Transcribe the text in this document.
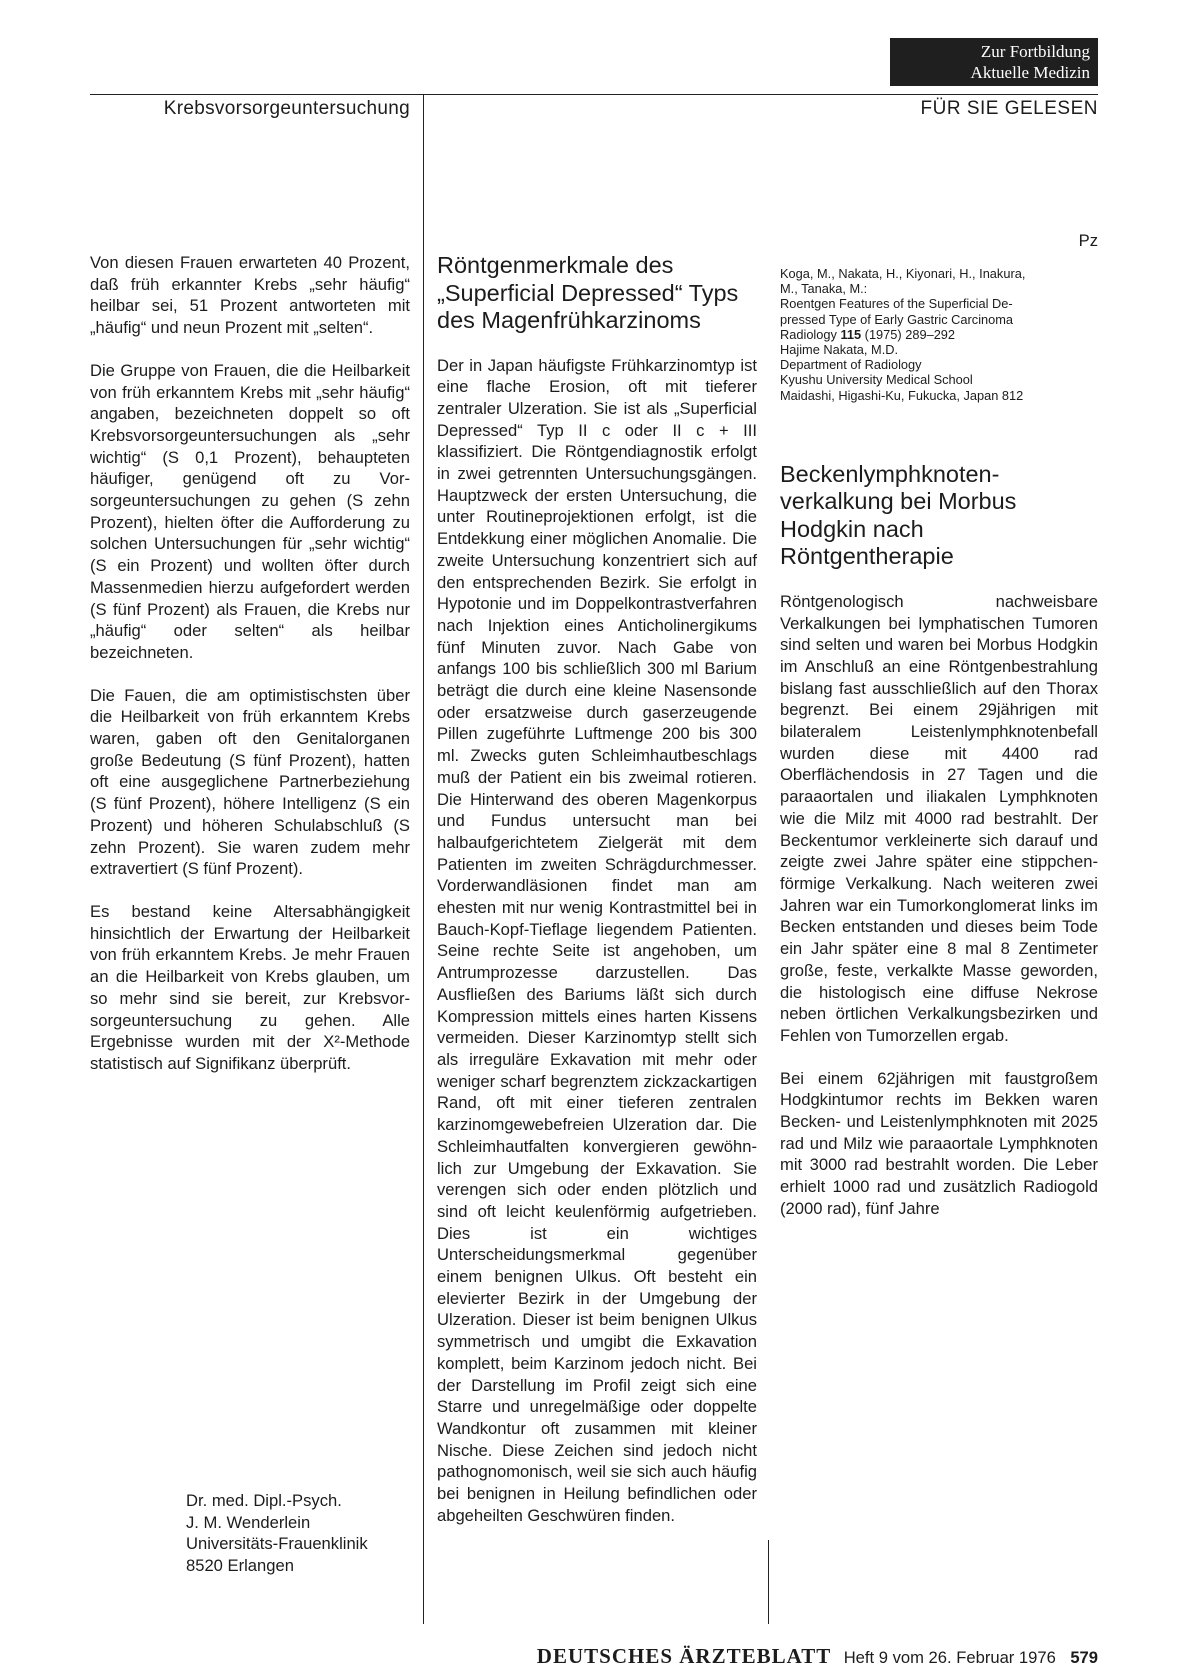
Zur Fortbildung
Aktuelle Medizin
Krebsvorsorgeuntersuchung	FÜR SIE GELESEN

Von diesen Frauen erwarteten 40 Prozent, daß früh erkannter Krebs „sehr häufig“ heilbar sei, 51 Prozent antworteten mit „häufig“ und neun Prozent mit „selten“.

Die Gruppe von Frauen, die die Heilbarkeit von früh erkanntem Krebs mit „sehr häufig“ angaben, bezeichneten doppelt so oft Krebsvorsorgeuntersuchungen als „sehr wichtig“ (S 0,1 Prozent), behaupteten häufiger, genügend oft zu Vorsorgeuntersuchungen zu gehen (S zehn Prozent), hielten öfter die Aufforderung zu solchen Untersuchungen für „sehr wichtig“ (S ein Prozent) und wollten öfter durch Massenmedien hierzu aufgefordert werden (S fünf Prozent) als Frauen, die Krebs nur „häufig“ oder selten“ als heilbar bezeichneten.

Die Fauen, die am optimistischsten über die Heilbarkeit von früh erkanntem Krebs waren, gaben oft den Genitalorganen große Bedeutung (S fünf Prozent), hatten oft eine ausgeglichene Partnerbeziehung (S fünf Prozent), höhere Intelligenz (S ein Prozent) und höheren Schulabschluß (S zehn Prozent). Sie waren zudem mehr extravertiert (S fünf Prozent).

Es bestand keine Altersabhängigkeit hinsichtlich der Erwartung der Heilbarkeit von früh erkanntem Krebs. Je mehr Frauen an die Heilbarkeit von Krebs glauben, um so mehr sind sie bereit, zur Krebsvorsorgeuntersuchung zu gehen. Alle Ergebnisse wurden mit der X²-Methode statistisch auf Signifikanz überprüft.

Dr. med. Dipl.-Psych.
J. M. Wenderlein
Universitäts-Frauenklinik
8520 Erlangen
Röntgenmerkmale des „Superficial Depressed“ Typs des Magenfrühkarzinoms

Der in Japan häufigste Frühkarzinomtyp ist eine flache Erosion, oft mit tieferer zentraler Ulzeration. Sie ist als „Superficial Depressed“ Typ II c oder II c + III klassifiziert. Die Röntgendiagnostik erfolgt in zwei getrennten Untersuchungsgängen. Hauptzweck der ersten Untersuchung, die unter Routineprojektionen erfolgt, ist die Entdekkung einer möglichen Anomalie. Die zweite Untersuchung konzentriert sich auf den entsprechenden Bezirk. Sie erfolgt in Hypotonie und im Doppelkontrastverfahren nach Injektion eines Anticholinergikums fünf Minuten zuvor. Nach Gabe von anfangs 100 bis schließlich 300 ml Barium beträgt die durch eine kleine Nasensonde oder ersatzweise durch gaserzeugende Pillen zugeführte Luftmenge 200 bis 300 ml. Zwecks guten Schleimhautbeschlags muß der Patient ein bis zweimal rotieren. Die Hinterwand des oberen Magenkorpus und Fundus untersucht man bei halbaufgerichtetem Zielgerät mit dem Patienten im zweiten Schrägdurchmesser. Vorderwandläsionen findet man am ehesten mit nur wenig Kontrastmittel bei in Bauch-Kopf-Tieflage liegendem Patienten. Seine rechte Seite ist angehoben, um Antrumprozesse darzustellen. Das Ausfließen des Bariums läßt sich durch Kompression mittels eines harten Kissens vermeiden. Dieser Karzinomtyp stellt sich als irreguläre Exkavation mit mehr oder weniger scharf begrenztem zickzackartigen Rand, oft mit einer tieferen zentralen karzinomgewebefreien Ulzeration dar. Die Schleimhautfalten konvergieren gewöhnlich zur Umgebung der Exkavation. Sie verengen sich oder enden plötzlich und sind oft leicht keulenförmig aufgetrieben. Dies ist ein wichtiges Unterscheidungsmerkmal gegenüber einem benignen Ulkus. Oft besteht ein elevierter Bezirk in der Umgebung der Ulzeration. Dieser ist beim benignen Ulkus symmetrisch und umgibt die Exkavation komplett, beim Karzinom jedoch nicht. Bei der Darstellung im Profil zeigt sich eine Starre und unregelmäßige oder doppelte Wandkontur oft zusammen mit kleiner Nische. Diese Zeichen sind jedoch nicht pathognomonisch, weil sie sich auch häufig bei benignen in Heilung befindlichen oder abgeheilten Geschwüren finden.

Pz
Koga, M., Nakata, H., Kiyonari, H., Inakura,
M., Tanaka, M.:
Roentgen Features of the Superficial De-
pressed Type of Early Gastric Carcinoma
Radiology 115 (1975) 289–292
Hajime Nakata, M.D.
Department of Radiology
Kyushu University Medical School
Maidashi, Higashi-Ku, Fukucka, Japan 812
Beckenlymphknotenverkalkung bei Morbus Hodgkin nach Röntgentherapie

Röntgenologisch nachweisbare Verkalkungen bei lymphatischen Tumoren sind selten und waren bei Morbus Hodgkin im Anschluß an eine Röntgenbestrahlung bislang fast ausschließlich auf den Thorax begrenzt. Bei einem 29jährigen mit bilateralem Leistenlymphknotenbefall wurden diese mit 4400 rad Oberflächendosis in 27 Tagen und die paraaortalen und iliakalen Lymphknoten wie die Milz mit 4000 rad bestrahlt. Der Beckentumor verkleinerte sich darauf und zeigte zwei Jahre später eine stippchenförmige Verkalkung. Nach weiteren zwei Jahren war ein Tumorkonglomerat links im Becken entstanden und dieses beim Tode ein Jahr später eine 8 mal 8 Zentimeter große, feste, verkalkte Masse geworden, die histologisch eine diffuse Nekrose neben örtlichen Verkalkungsbezirken und Fehlen von Tumorzellen ergab.

Bei einem 62jährigen mit faustgroßem Hodgkintumor rechts im Bekken waren Becken- und Leistenlymphknoten mit 2025 rad und Milz wie paraaortale Lymphknoten mit 3000 rad bestrahlt worden. Die Leber erhielt 1000 rad und zusätzlich Radiogold (2000 rad), fünf Jahre

DEUTSCHES ÄRZTEBLATT Heft 9 vom 26. Februar 1976 579
